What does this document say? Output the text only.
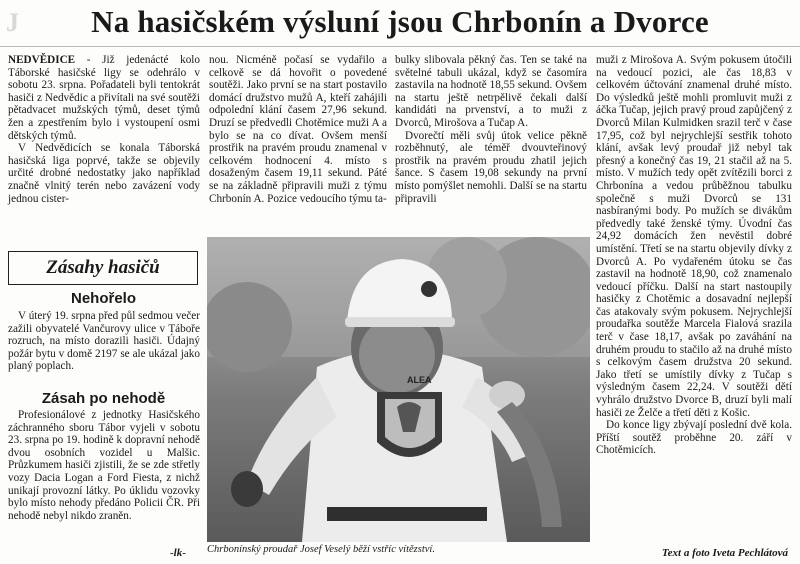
J	Na hasičském výsluní jsou Chrbonín a Dvorce

NEDVĚDICE - Již jedenácté kolo Táborské hasičské ligy se odehrálo v sobotu 23. srpna. Pořadateli byli tentokrát hasiči z Nedvědic a přivítali na své soutěži pětadvacet mužských týmů, deset týmů žen a zpestřením bylo i vystoupení osmi dětských týmů.

V Nedvědicích se konala Táborská hasičská liga poprvé, takže se objevily určité drobné nedostatky jako například značně vlnitý terén nebo zavázení vody jednou cister-

Zásahy hasičů
Nehořelo

V úterý 19. srpna před půl sedmou večer zažili obyvatelé Vančurovy ulice v Táboře rozruch, na místo dorazili hasiči. Údajný požár bytu v domě 2197 se ale ukázal jako planý poplach.

Zásah po nehodě

Profesionálové z jednotky Hasičského záchranného sboru Tábor vyjeli v sobotu 23. srpna po 19. hodině k dopravní nehodě dvou osobních vozidel u Malšic. Průzkumem hasiči zjistili, že se zde střetly vozy Dacia Logan a Ford Fiesta, z nichž unikají provozní látky. Po úklidu vozovky bylo místo nehody předáno Policii ČR. Při nehodě nebyl nikdo zraněn.

-lk-

nou. Nicméně počasí se vydařilo a celkově se dá hovořit o povedené soutěži. Jako první se na start postavilo domácí družstvo mužů A, kteří zahájili odpolední klání časem 27,96 sekund. Druzí se předvedli Chotěmice muži A a bylo se na co dívat. Ovšem menší prostřik na pravém proudu znamenal v celkovém hodnocení 4. místo s dosaženým časem 19,11 sekund. Páté se na základně připravili muži z týmu Chrbonín A. Pozice vedoucího týmu ta-

bulky slibovala pěkný čas. Ten se také na světelné tabuli ukázal, když se časomíra zastavila na hodnotě 18,55 sekund. Ovšem na startu ještě netrpělivě čekali další kandidáti na prvenství, a to muži z Dvorců, Mirošova a Tučap A.

Dvorečtí měli svůj útok velice pěkně rozběhnutý, ale téměř dvouvteřinový prostřik na pravém proudu zhatil jejich šance. S časem 19,08 sekundy na první místo pomýšlet nemohli. Další se na startu připravili

muži z Mirošova A. Svým pokusem útočili na vedoucí pozici, ale čas 18,83 v celkovém účtování znamenal druhé místo. Do výsledků ještě mohli promluvit muži z áčka Tučap, jejich pravý proud zapůjčený z Dvorců Milan Kulmidken srazil terč v čase 17,95, což byl nejrychlejší sestřik tohoto klání, avšak levý proudař již nebyl tak přesný a konečný čas 19, 21 stačil až na 5. místo. V mužích tedy opět zvítězili borci z Chrbonína a vedou průběžnou tabulku společně s muži Dvorců se 131 nasbíranými body. Po mužích se divákům předvedly také ženské týmy. Úvodní čas 24,92 domácích žen nevěstil dobré umístění. Třetí se na startu objevily dívky z Dvorců A. Po vydařeném útoku se čas zastavil na hodnotě 18,90, což znamenalo vedoucí příčku. Další na start nastoupily hasičky z Chotěmic a dosavadní nejlepší čas atakovaly svým pokusem. Nejrychlejší proudařka soutěže Marcela Fialová srazila terč v čase 18,17, avšak po zaváhání na druhém proudu to stačilo až na druhé místo s celkovým časem družstva 20 sekund. Jako třetí se umístily dívky z Tučap s výsledným časem 22,24. V soutěži dětí vyhrálo družstvo Dvorce B, druzí byli malí hasiči ze Želče a třetí děti z Košic.

Do konce ligy zbývají poslední dvě kola. Příští soutěž proběhne 20. září v Chotěmicích.

ALEA
Chrbonínský proudař Josef Veselý běží vstříc vítězství.	Text a foto Iveta Pechlátová
